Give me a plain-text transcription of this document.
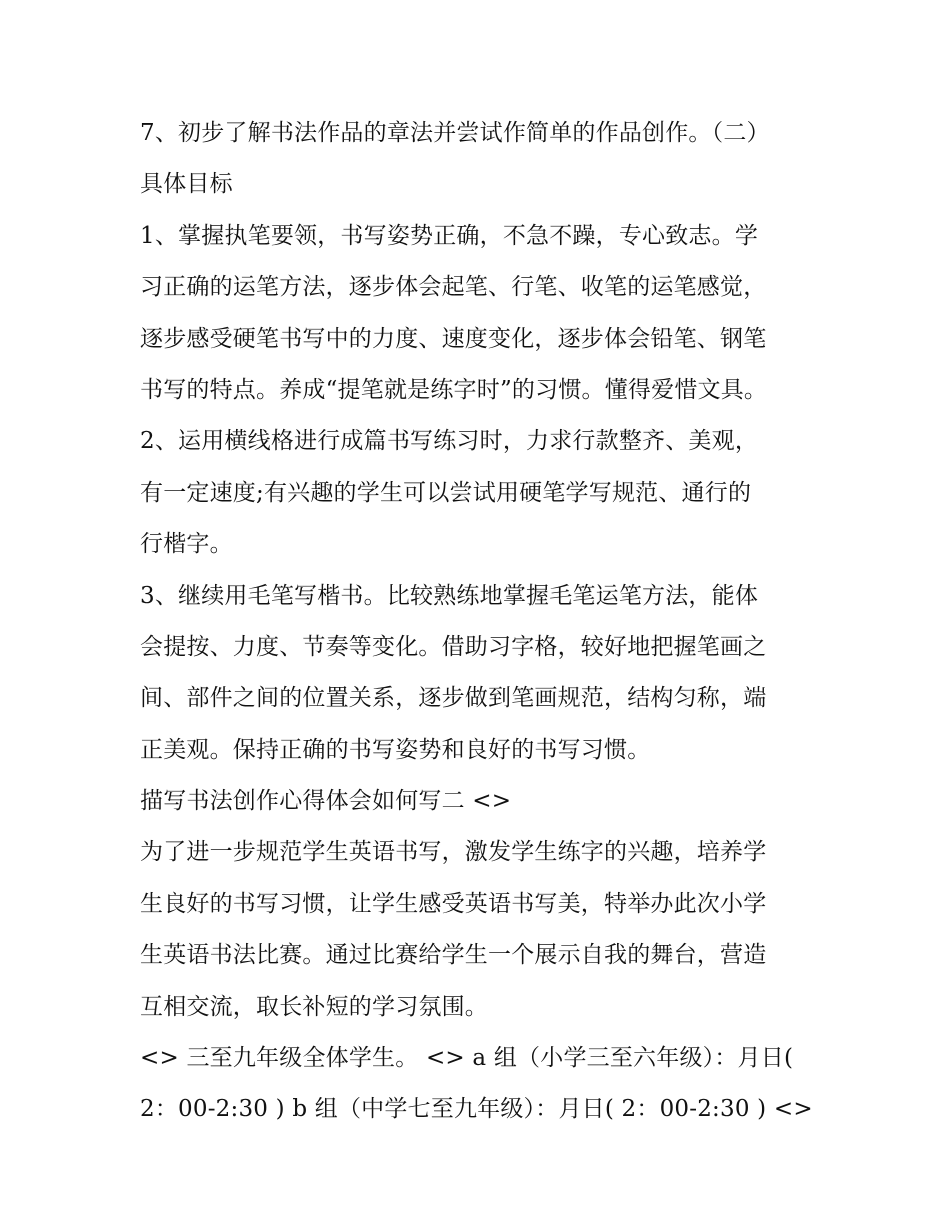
7、初步了解书法作品的章法并尝试作简单的作品创作。（二）
具体目标
1、掌握执笔要领，书写姿势正确，不急不躁，专心致志。学
习正确的运笔方法，逐步体会起笔、行笔、收笔的运笔感觉，
逐步感受硬笔书写中的力度、速度变化，逐步体会铅笔、钢笔
书写的特点。养成“提笔就是练字时”的习惯。懂得爱惜文具。
2、运用横线格进行成篇书写练习时，力求行款整齐、美观，
有一定速度;有兴趣的学生可以尝试用硬笔学写规范、通行的
行楷字。
3、继续用毛笔写楷书。比较熟练地掌握毛笔运笔方法，能体
会提按、力度、节奏等变化。借助习字格，较好地把握笔画之
间、部件之间的位置关系，逐步做到笔画规范，结构匀称，端
正美观。保持正确的书写姿势和良好的书写习惯。
描写书法创作心得体会如何写二 <>
为了进一步规范学生英语书写，激发学生练字的兴趣，培养学
生良好的书写习惯，让学生感受英语书写美，特举办此次小学
生英语书法比赛。通过比赛给学生一个展示自我的舞台，营造
互相交流，取长补短的学习氛围。
<> 三至九年级全体学生。 <> a 组（小学三至六年级）：月日(
2：00-2:30 ) b 组（中学七至九年级）：月日( 2：00-2:30 ) <>
